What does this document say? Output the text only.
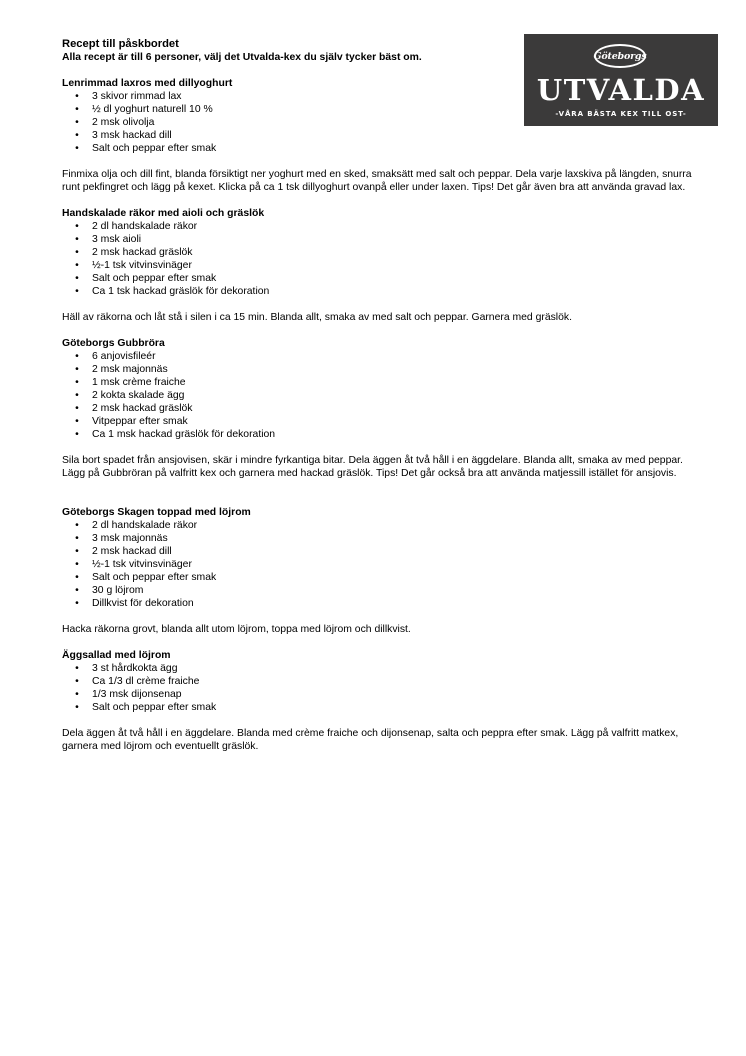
Göteborgs
UTVALDA
-VÅRA BÄSTA KEX TILL OST-

Recept till påskbordet

Alla recept är till 6 personer, välj det Utvalda-kex du själv tycker bäst om.

Lenrimmad laxros med dillyoghurt

• 3 skivor rimmad lax
• ½ dl yoghurt naturell 10 %
• 2 msk olivolja
• 3 msk hackad dill
• Salt och peppar efter smak

Finmixa olja och dill fint, blanda försiktigt ner yoghurt med en sked, smaksätt med salt och peppar. Dela varje laxskiva på längden, snurra runt pekfingret och lägg på kexet. Klicka på ca 1 tsk dillyoghurt ovanpå eller under laxen. Tips! Det går även bra att använda gravad lax.

Handskalade räkor med aioli och gräslök

• 2 dl handskalade räkor
• 3 msk aioli
• 2 msk hackad gräslök
• ½-1 tsk vitvinsvinäger
• Salt och peppar efter smak
• Ca 1 tsk hackad gräslök för dekoration

Häll av räkorna och låt stå i silen i ca 15 min. Blanda allt, smaka av med salt och peppar. Garnera med gräslök.

Göteborgs Gubbröra

• 6 anjovisfileér
• 2 msk majonnäs
• 1 msk crème fraiche
• 2 kokta skalade ägg
• 2 msk hackad gräslök
• Vitpeppar efter smak
• Ca 1 msk hackad gräslök för dekoration

Sila bort spadet från ansjovisen, skär i mindre fyrkantiga bitar. Dela äggen åt två håll i en äggdelare. Blanda allt, smaka av med peppar. Lägg på Gubbröran på valfritt kex och garnera med hackad gräslök. Tips! Det går också bra att använda matjessill istället för ansjovis.

Göteborgs Skagen toppad med löjrom

• 2 dl handskalade räkor
• 3 msk majonnäs
• 2 msk hackad dill
• ½-1 tsk vitvinsvinäger
• Salt och peppar efter smak
• 30 g löjrom
• Dillkvist för dekoration

Hacka räkorna grovt, blanda allt utom löjrom, toppa med löjrom och dillkvist.

Äggsallad med löjrom

• 3 st hårdkokta ägg
• Ca 1/3 dl crème fraiche
• 1/3 msk dijonsenap
• Salt och peppar efter smak

Dela äggen åt två håll i en äggdelare. Blanda med crème fraiche och dijonsenap, salta och peppra efter smak. Lägg på valfritt matkex, garnera med löjrom och eventuellt gräslök.
